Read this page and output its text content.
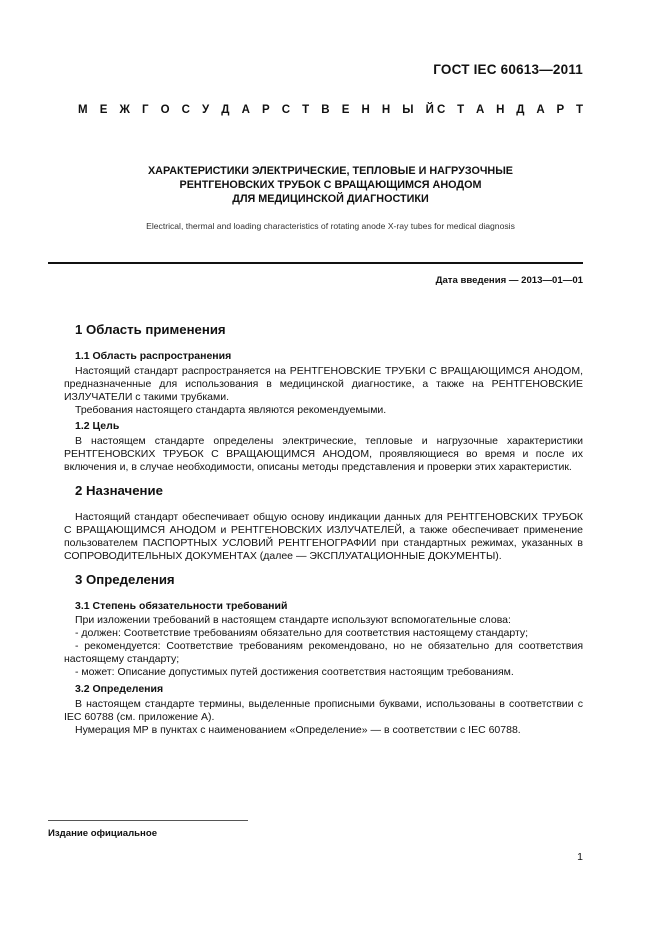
ГОСТ IEC 60613—2011
М Е Ж Г О С У Д А Р С Т В Е Н Н Ы Й С Т А Н Д А Р Т
ХАРАКТЕРИСТИКИ ЭЛЕКТРИЧЕСКИЕ, ТЕПЛОВЫЕ И НАГРУЗОЧНЫЕ
РЕНТГЕНОВСКИХ ТРУБОК С ВРАЩАЮЩИМСЯ АНОДОМ
ДЛЯ МЕДИЦИНСКОЙ ДИАГНОСТИКИ
Electrical, thermal and loading characteristics of rotating anode X-ray tubes for medical diagnosis
Дата введения — 2013—01—01
1 Область применения
1.1 Область распространения

Настоящий стандарт распространяется на РЕНТГЕНОВСКИЕ ТРУБКИ С ВРАЩАЮЩИМСЯ АНОДОМ, предназначенные для использования в медицинской диагностике, а также на РЕНТГЕНОВСКИЕ ИЗЛУЧАТЕЛИ с такими трубками.

Требования настоящего стандарта являются рекомендуемыми.

1.2 Цель

В настоящем стандарте определены электрические, тепловые и нагрузочные характеристики РЕНТГЕНОВСКИХ ТРУБОК С ВРАЩАЮЩИМСЯ АНОДОМ, проявляющиеся во время и после их включения и, в случае необходимости, описаны методы представления и проверки этих характеристик.

2 Назначение

Настоящий стандарт обеспечивает общую основу индикации данных для РЕНТГЕНОВСКИХ ТРУБОК С ВРАЩАЮЩИМСЯ АНОДОМ и РЕНТГЕНОВСКИХ ИЗЛУЧАТЕЛЕЙ, а также обеспечивает применение пользователем ПАСПОРТНЫХ УСЛОВИЙ РЕНТГЕНОГРАФИИ при стандартных режимах, указанных в СОПРОВОДИТЕЛЬНЫХ ДОКУМЕНТАХ (далее — ЭКСПЛУАТАЦИОННЫЕ ДОКУМЕНТЫ).

3 Определения
3.1 Степень обязательности требований

При изложении требований в настоящем стандарте используют вспомогательные слова:

- должен: Соответствие требованиям обязательно для соответствия настоящему стандарту;

- рекомендуется: Соответствие требованиям рекомендовано, но не обязательно для соответствия настоящему стандарту;

- может: Описание допустимых путей достижения соответствия настоящим требованиям.

3.2 Определения

В настоящем стандарте термины, выделенные прописными буквами, использованы в соответствии с IEC 60788 (см. приложение А).

Нумерация МР в пунктах с наименованием «Определение» — в соответствии с IEC 60788.

Издание официальное
1
